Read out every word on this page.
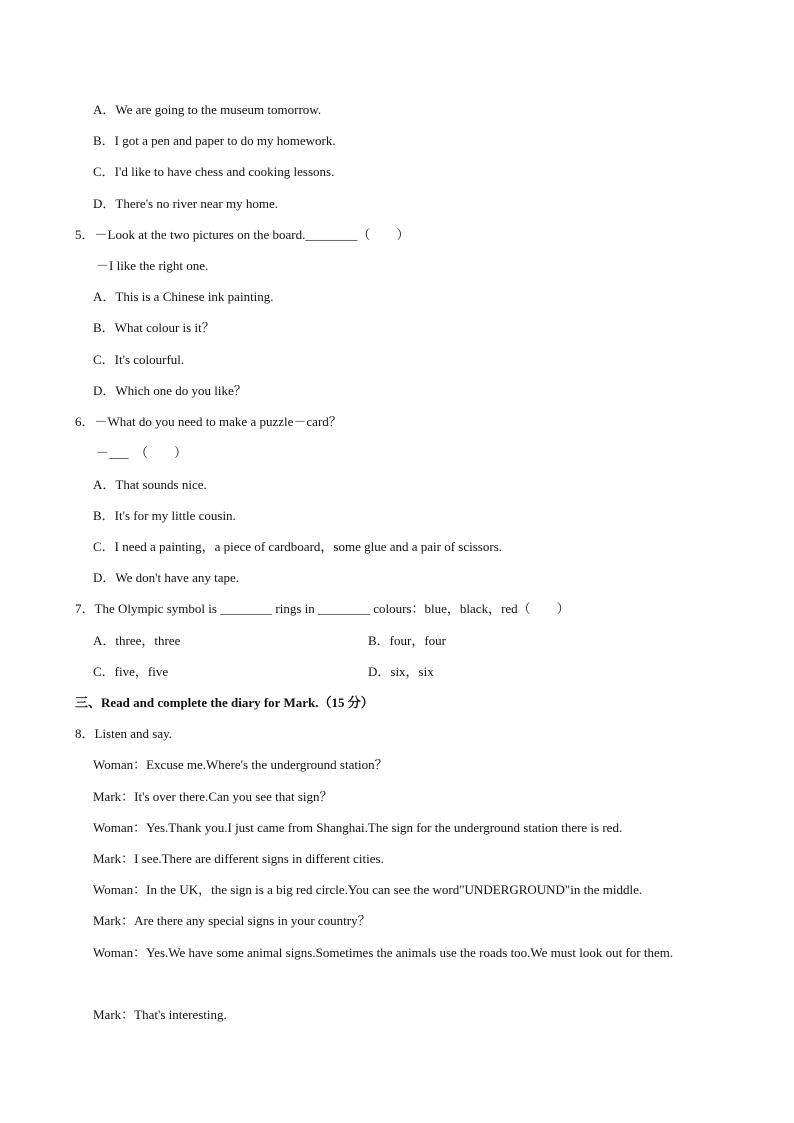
A．We are going to the museum tomorrow.
B．I got a pen and paper to do my homework.
C．I'd like to have chess and cooking lessons.
D．There's no river near my home.
5．－Look at the two pictures on the board.________（　　）
－I like the right one.
A．This is a Chinese ink painting.
B．What colour is it？
C．It's colourful.
D．Which one do you like？
6．－What do you need to make a puzzle－card？
－___　（　　）
A．That sounds nice.
B．It's for my little cousin.
C．I need a painting，a piece of cardboard，some glue and a pair of scissors.
D．We don't have any tape.
7．The Olympic symbol is ________ rings in ________ colours：blue，black，red（　　）
A．three，three	B．four，four
C．five，five	D．six，six
三、Read and complete the diary for Mark.（15 分）
8．Listen and say.
Woman：Excuse me.Where's the underground station？
Mark：It's over there.Can you see that sign？
Woman：Yes.Thank you.I just came from Shanghai.The sign for the underground station there is red.
Mark：I see.There are different signs in different cities.
Woman：In the UK，the sign is a big red circle.You can see the word"UNDERGROUND"in the middle.
Mark：Are there any special signs in your country？
Woman：Yes.We have some animal signs.Sometimes the animals use the roads too.We must look out for them.
Mark：That's interesting.
